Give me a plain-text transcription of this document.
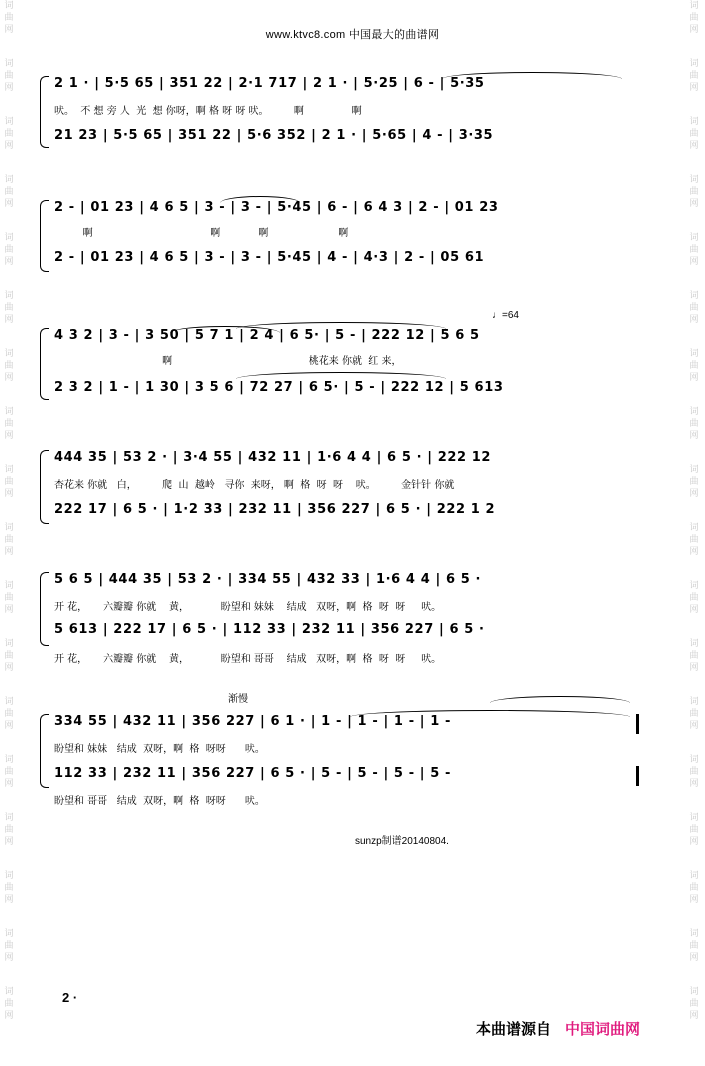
词
曲
网
词
曲
网
词
曲
网
词
曲
网
词
曲
网
词
曲
网
词
曲
网
词
曲
网
词
曲
网
词
曲
网
词
曲
网
词
曲
网
词
曲
网
词
曲
网
词
曲
网
词
曲
网
词
曲
网
词
曲
网
词
曲
网
词
曲
网
词
曲
网
词
曲
网
词
曲
网
词
曲
网
词
曲
网
词
曲
网
词
曲
网
词
曲
网
词
曲
网
词
曲
网
词
曲
网
词
曲
网
词
曲
网
词
曲
网
词
曲
网
词
曲
网
www.ktvc8.com 中国最大的曲谱网
2 1 · | 5·5 65 | 351 22 | 2·1 717 | 2 1 · | 5·25 | 6 - | 5·35
吠。  不 想 旁 人  光  想 你呀，啊 格 呀 呀 吠。        啊               啊
21 23 | 5·5 65 | 351 22 | 5·6 352 | 2 1 · | 5·65 | 4 - | 3·35
2 - | 01 23 | 4 6 5 | 3 - | 3 - | 5·45 | 6 - | 6 4 3 | 2 - | 01 23
啊                                     啊            啊                      啊
2 - | 01 23 | 4 6 5 | 3 - | 3 - | 5·45 | 4 - | 4·3 | 2 - | 05 61
4 3 2 | 3 - | 3 50 | 5 7 1 | 2 4 | 6 5· | 5 - | 222 12 | 5 6 5
啊                                           桃花来 你就  红 来，
2 3 2 | 1 - | 1 30 | 3 5 6 | 72 27 | 6 5· | 5 - | 222 12 | 5 613
444 35 | 53 2 · | 3·4 55 | 432 11 | 1·6 4 4 | 6 5 · | 222 12
杏花来 你就   白，        爬  山  越岭   寻你  来呀， 啊  格  呀  呀    吠。        金针针 你就
222 17 | 6 5 · | 1·2 33 | 232 11 | 356 227 | 6 5 · | 222 1 2
5 6 5 | 444 35 | 53 2 · | 334 55 | 432 33 | 1·6 4 4 | 6 5 ·
开 花，     六瓣瓣 你就    黄，          盼望和 妹妹    结成   双呀，啊  格  呀  呀     吠。
5 613 | 222 17 | 6 5 · | 112 33 | 232 11 | 356 227 | 6 5 ·
开 花，     六瓣瓣 你就    黄，          盼望和 哥哥    结成   双呀，啊  格  呀  呀     吠。
334 55 | 432 11 | 356 227 | 6 1 · | 1 - | 1 - | 1 - | 1 -
盼望和 妹妹   结成  双呀，啊  格  呀呀      吠。
112 33 | 232 11 | 356 227 | 6 5 · | 5 - | 5 - | 5 - | 5 -
盼望和 哥哥   结成  双呀，啊  格  呀呀      吠。
♩=64
渐慢
sunzp制谱20140804.
2 ·
本曲谱源自 中国词曲网
